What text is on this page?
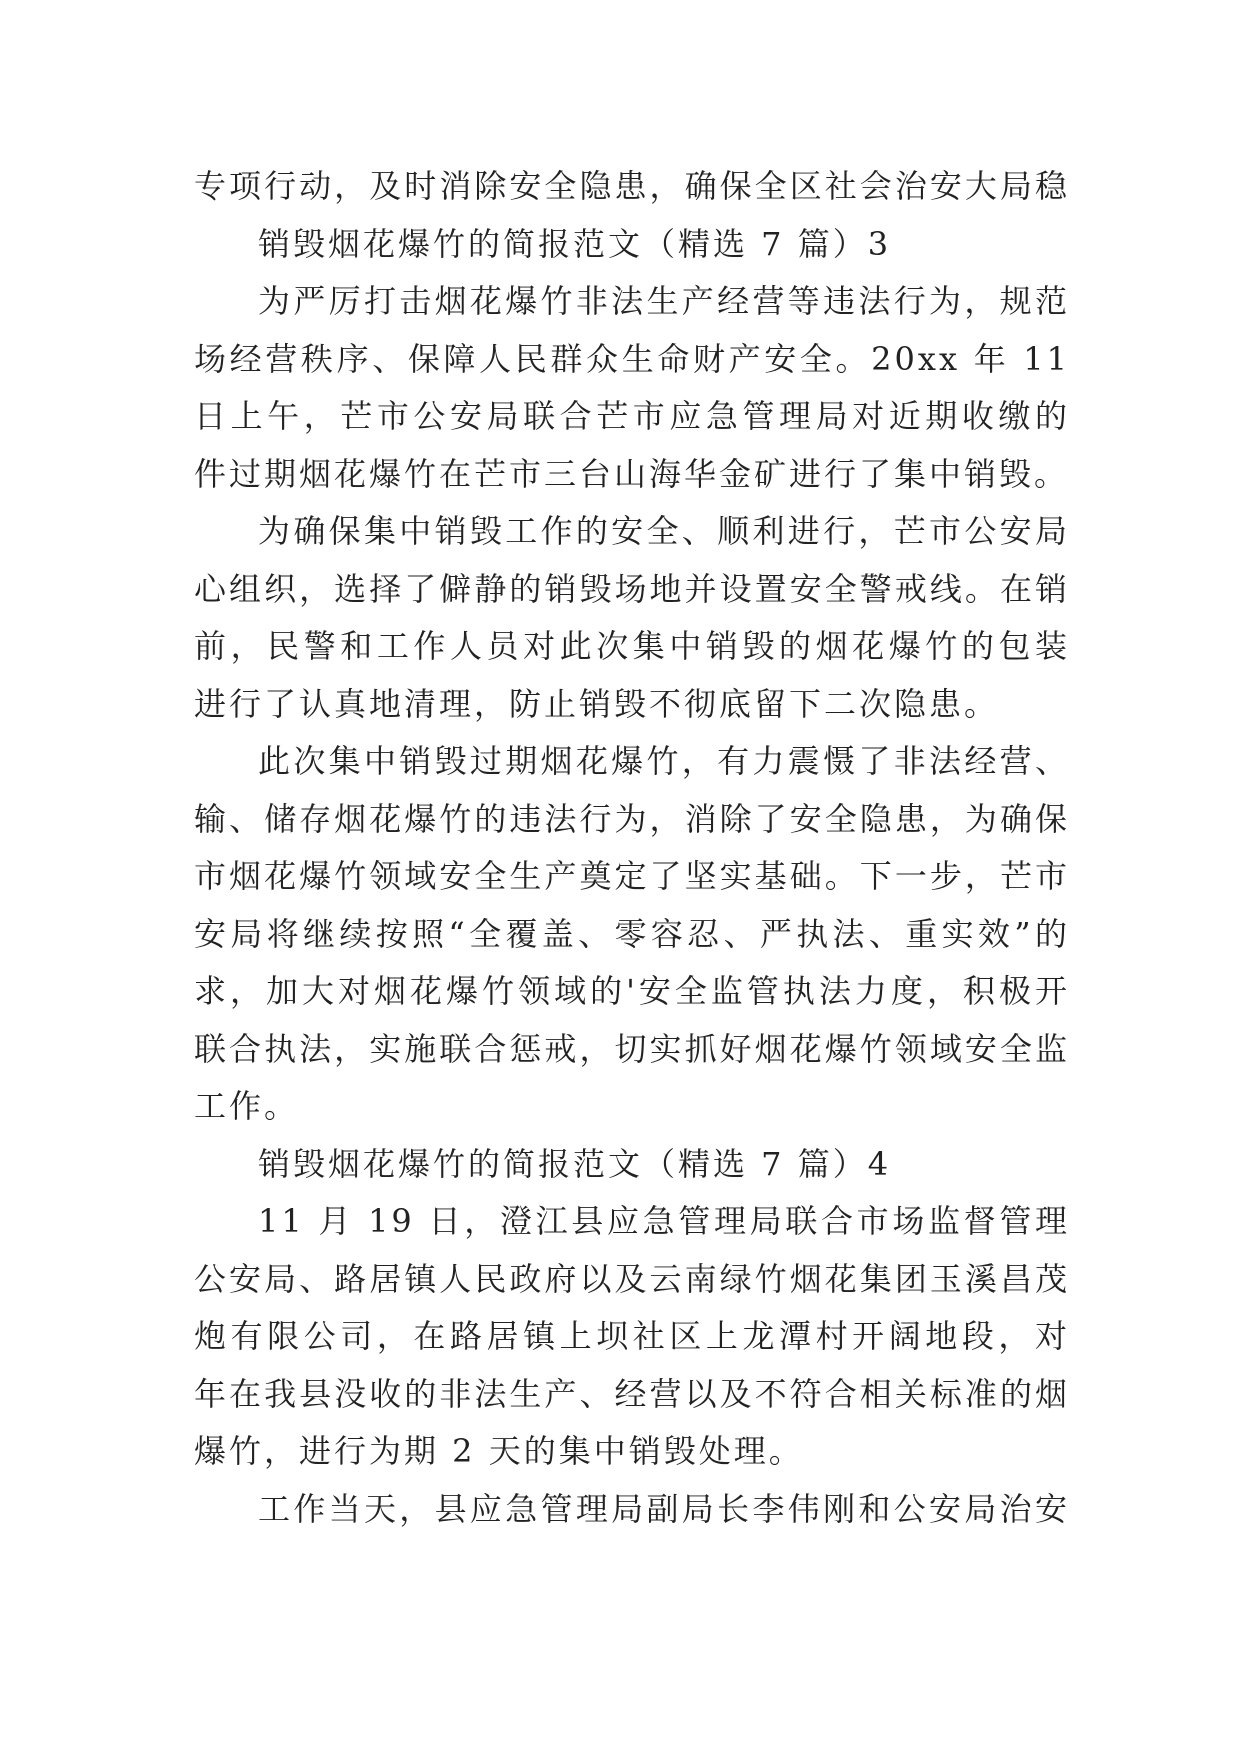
专项行动，及时消除安全隐患，确保全区社会治安大局稳
销毁烟花爆竹的简报范文（精选 7 篇）3
为严厉打击烟花爆竹非法生产经营等违法行为，规范
场经营秩序、保障人民群众生命财产安全。20xx 年 11
日上午，芒市公安局联合芒市应急管理局对近期收缴的
件过期烟花爆竹在芒市三台山海华金矿进行了集中销毁。
为确保集中销毁工作的安全、顺利进行，芒市公安局
心组织，选择了僻静的销毁场地并设置安全警戒线。在销
前，民警和工作人员对此次集中销毁的烟花爆竹的包装
进行了认真地清理，防止销毁不彻底留下二次隐患。
此次集中销毁过期烟花爆竹，有力震慑了非法经营、
输、储存烟花爆竹的违法行为，消除了安全隐患，为确保
市烟花爆竹领域安全生产奠定了坚实基础。下一步，芒市
安局将继续按照“全覆盖、零容忍、严执法、重实效”的
求，加大对烟花爆竹领域的'安全监管执法力度，积极开
联合执法，实施联合惩戒，切实抓好烟花爆竹领域安全监
工作。
销毁烟花爆竹的简报范文（精选 7 篇）4
11 月 19 日，澄江县应急管理局联合市场监督管理
公安局、路居镇人民政府以及云南绿竹烟花集团玉溪昌茂
炮有限公司，在路居镇上坝社区上龙潭村开阔地段，对
年在我县没收的非法生产、经营以及不符合相关标准的烟
爆竹，进行为期 2 天的集中销毁处理。
工作当天，县应急管理局副局长李伟刚和公安局治安
